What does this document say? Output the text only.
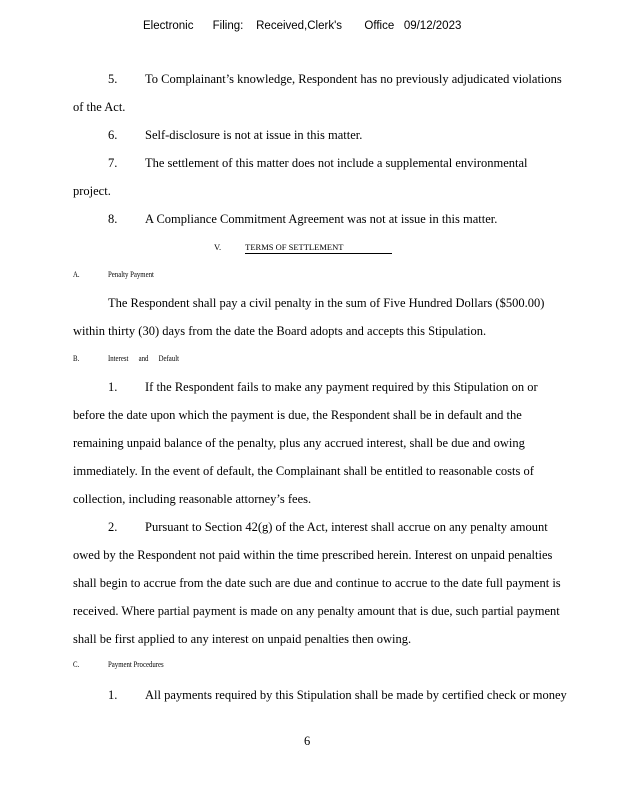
Electronic      Filing:    Received,Clerk's       Office   09/12/2023
5. To Complainant’s knowledge, Respondent has no previously adjudicated violations
of the Act.
6. Self-disclosure is not at issue in this matter.
7. The settlement of this matter does not include a supplemental environmental
project.
8. A Compliance Commitment Agreement was not at issue in this matter.
V.	TERMS OF SETTLEMENT
A.	Penalty Payment
The Respondent shall pay a civil penalty in the sum of Five Hundred Dollars ($500.00)
within thirty (30) days from the date the Board adopts and accepts this Stipulation.
B.	Interest      and      Default
1. If the Respondent fails to make any payment required by this Stipulation on or
before the date upon which the payment is due, the Respondent shall be in default and the
remaining unpaid balance of the penalty, plus any accrued interest, shall be due and owing
immediately. In the event of default, the Complainant shall be entitled to reasonable costs of
collection, including reasonable attorney’s fees.
2. Pursuant to Section 42(g) of the Act, interest shall accrue on any penalty amount
owed by the Respondent not paid within the time prescribed herein. Interest on unpaid penalties
shall begin to accrue from the date such are due and continue to accrue to the date full payment is
received. Where partial payment is made on any penalty amount that is due, such partial payment
shall be first applied to any interest on unpaid penalties then owing.
C.	Payment Procedures
1. All payments required by this Stipulation shall be made by certified check or money
6
